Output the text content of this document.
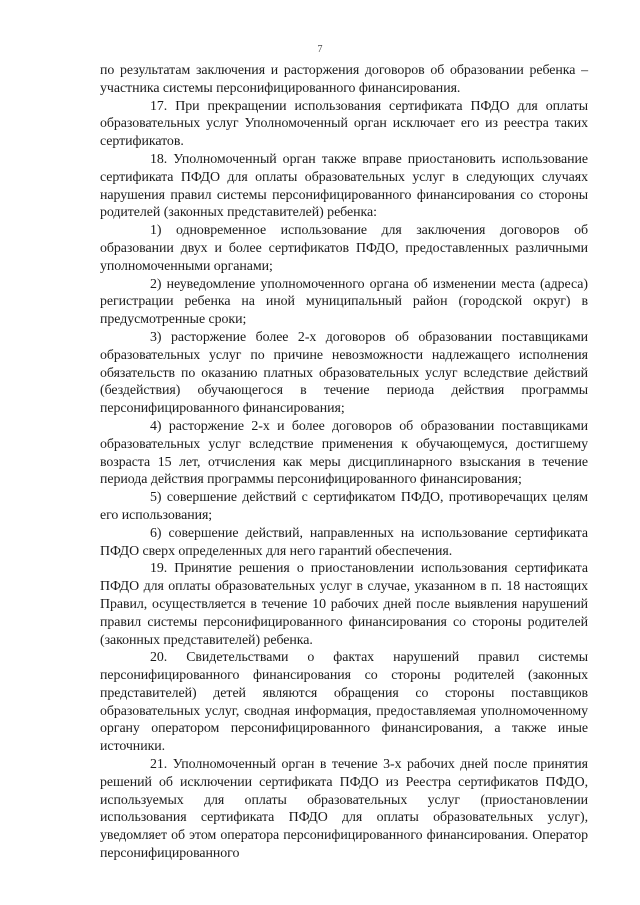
7

по результатам заключения и расторжения договоров об образовании ребенка – участника системы персонифицированного финансирования.

17. При прекращении использования сертификата ПФДО для оплаты образовательных услуг Уполномоченный орган исключает его из реестра таких сертификатов.

18. Уполномоченный орган также вправе приостановить использование сертификата ПФДО для оплаты образовательных услуг в следующих случаях нарушения правил системы персонифицированного финансирования со стороны родителей (законных представителей) ребенка:

1) одновременное использование для заключения договоров об образовании двух и более сертификатов ПФДО, предоставленных различными уполномоченными органами;

2) неуведомление уполномоченного органа об изменении места (адреса) регистрации ребенка на иной муниципальный район (городской округ) в предусмотренные сроки;

3) расторжение более 2-х договоров об образовании поставщиками образовательных услуг по причине невозможности надлежащего исполнения обязательств по оказанию платных образовательных услуг вследствие действий (бездействия) обучающегося в течение периода действия программы персонифицированного финансирования;

4) расторжение 2-х и более договоров об образовании поставщиками образовательных услуг вследствие применения к обучающемуся, достигшему возраста 15 лет, отчисления как меры дисциплинарного взыскания в течение периода действия программы персонифицированного финансирования;

5) совершение действий с сертификатом ПФДО, противоречащих целям его использования;

6) совершение действий, направленных на использование сертификата ПФДО сверх определенных для него гарантий обеспечения.

19. Принятие решения о приостановлении использования сертификата ПФДО для оплаты образовательных услуг в случае, указанном в п. 18 настоящих Правил, осуществляется в течение 10 рабочих дней после выявления нарушений правил системы персонифицированного финансирования со стороны родителей (законных представителей) ребенка.

20. Свидетельствами о фактах нарушений правил системы персонифицированного финансирования со стороны родителей (законных представителей) детей являются обращения со стороны поставщиков образовательных услуг, сводная информация, предоставляемая уполномоченному органу оператором персонифицированного финансирования, а также иные источники.

21. Уполномоченный орган в течение 3-х рабочих дней после принятия решений об исключении сертификата ПФДО из Реестра сертификатов ПФДО, используемых для оплаты образовательных услуг (приостановлении использования сертификата ПФДО для оплаты образовательных услуг), уведомляет об этом оператора персонифицированного финансирования. Оператор персонифицированного
